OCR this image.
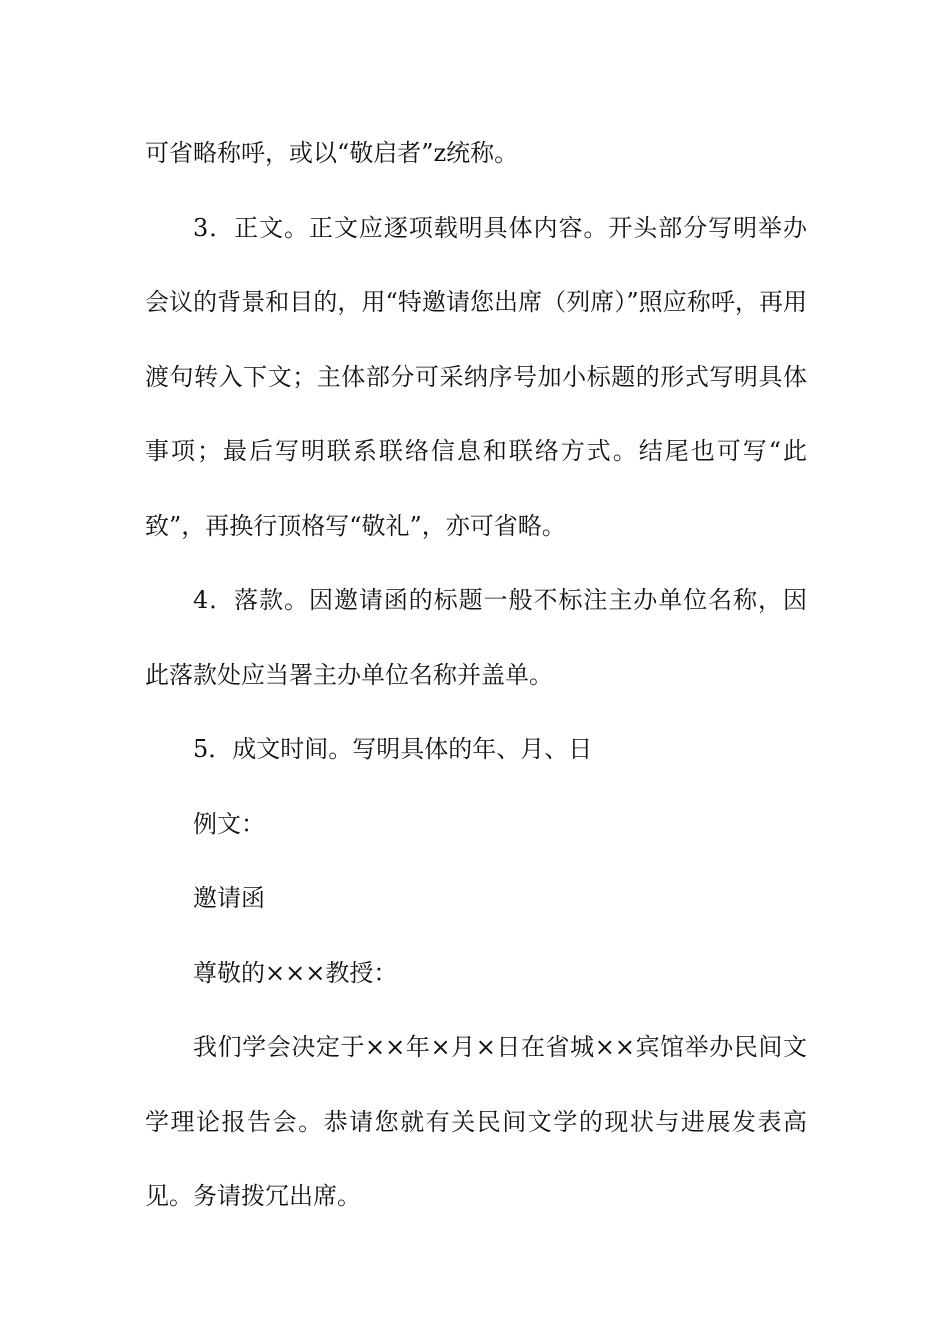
可省略称呼，或以“敬启者”z统称。

3．正文。正文应逐项载明具体内容。开头部分写明举办会议的背景和目的，用“特邀请您出席（列席）”照应称呼，再用渡句转入下文；主体部分可采纳序号加小标题的形式写明具体事项；最后写明联系联络信息和联络方式。结尾也可写“此致”，再换行顶格写“敬礼”，亦可省略。

4．落款。因邀请函的标题一般不标注主办单位名称，因此落款处应当署主办单位名称并盖单。

5．成文时间。写明具体的年、月、日

例文：

邀请函

尊敬的×××教授：

我们学会决定于××年×月×日在省城××宾馆举办民间文学理论报告会。恭请您就有关民间文学的现状与进展发表高见。务请拨冗出席。
